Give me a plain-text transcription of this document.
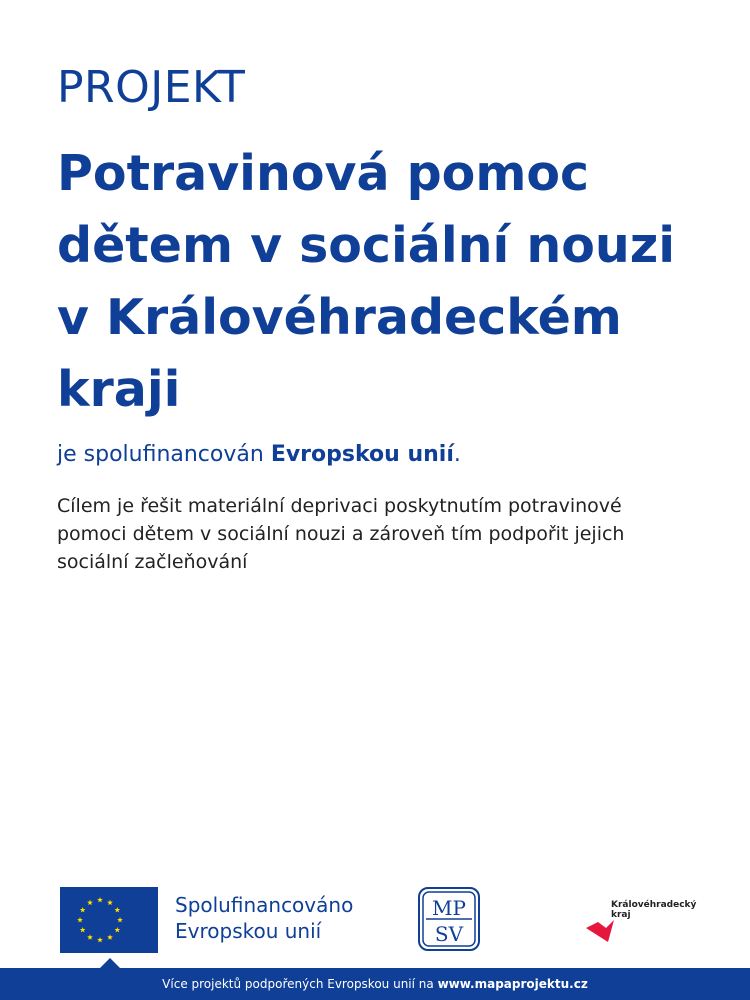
PROJEKT
Potravinová pomoc dětem v sociální nouzi v Královéhradeckém kraji
je spolufinancován Evropskou unií.

Cílem je řešit materiální deprivaci poskytnutím potravinové pomoci dětem v sociální nouzi a zároveň tím podpořit jejich sociální začleňování

Spolufinancováno
Evropskou unií
MP
SV
Královéhradecký
kraj
Více projektů podpořených Evropskou unií na www.mapaprojektu.cz
